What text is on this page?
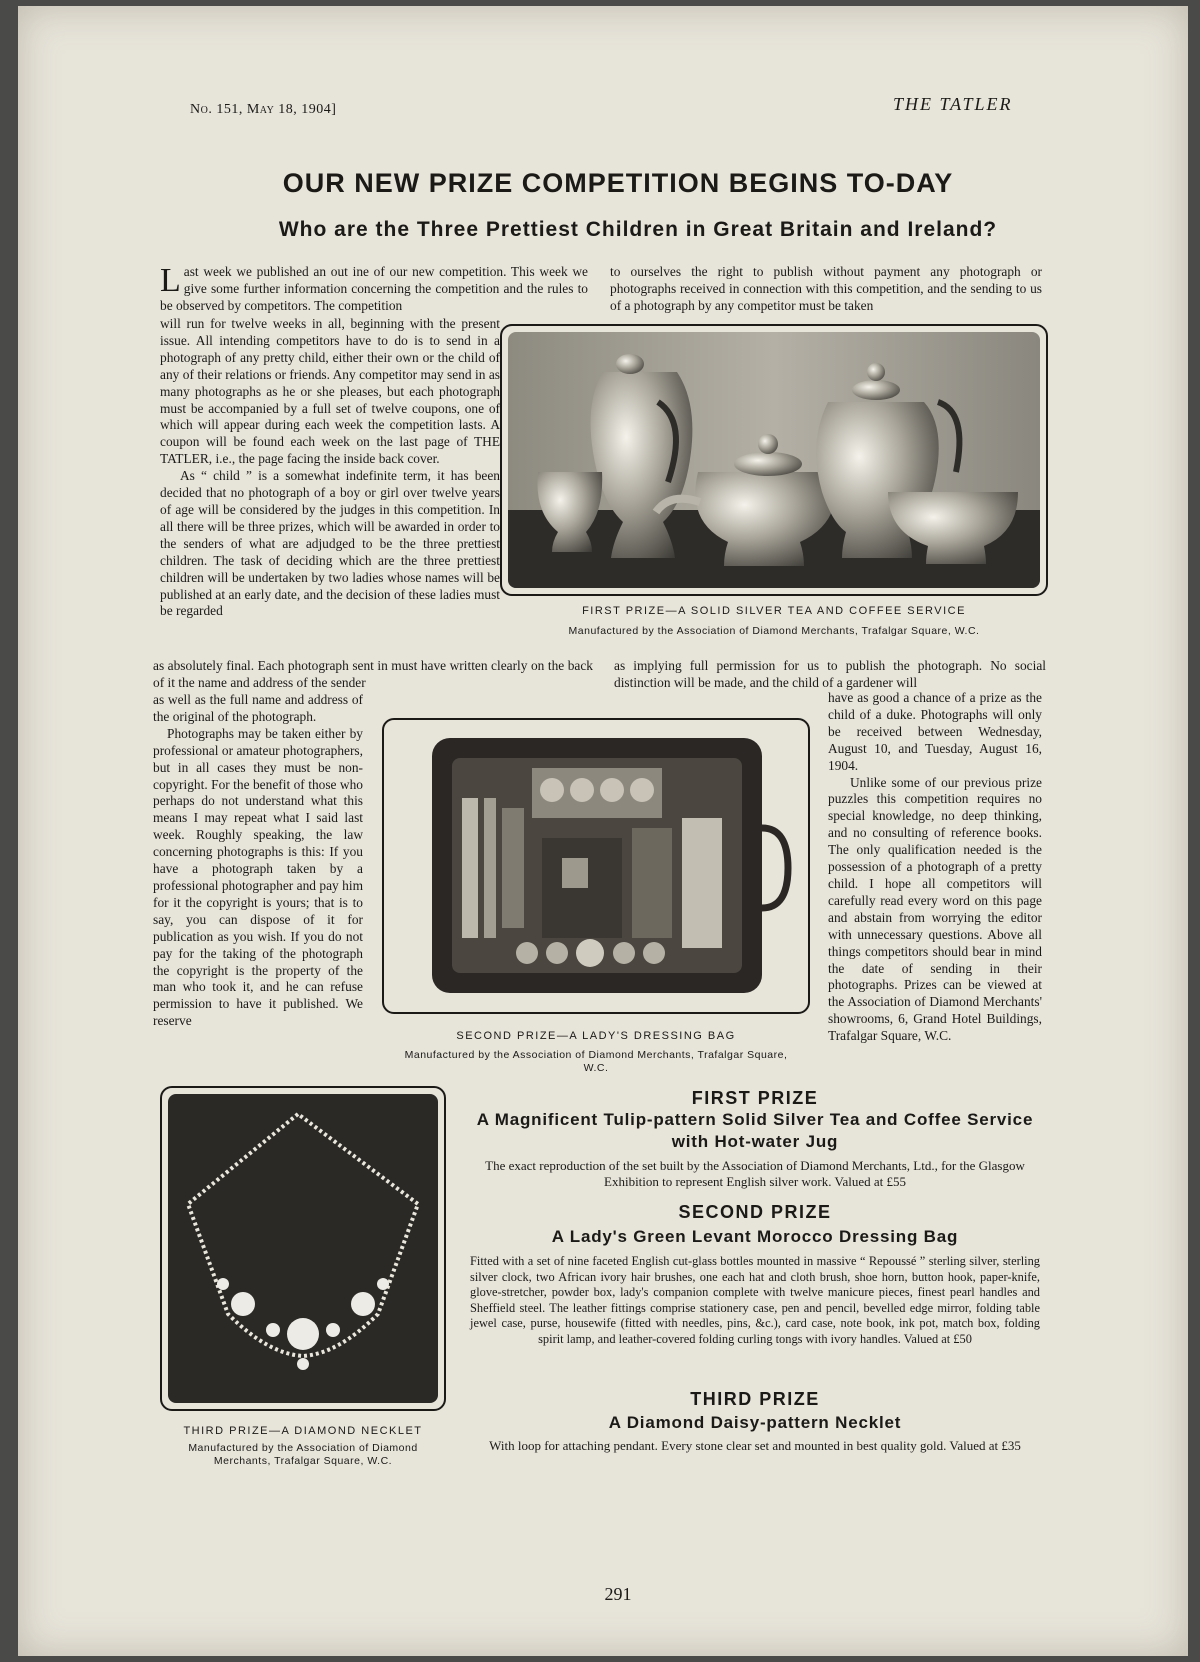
No. 151, May 18, 1904]	THE TATLER
OUR NEW PRIZE COMPETITION BEGINS TO-DAY
Who are the Three Prettiest Children in Great Britain and Ireland?
Last week we published an out ine of our new competition. This week we give some further information concerning the competition and the rules to be observed by competitors. The competition
will run for twelve weeks in all, beginning with the present issue. All intending competitors have to do is to send in a photograph of any pretty child, either their own or the child of any of their relations or friends. Any competitor may send in as many photographs as he or she pleases, but each photograph must be accompanied by a full set of twelve coupons, one of which will appear during each week the competition lasts. A coupon will be found each week on the last page of THE TATLER, i.e., the page facing the inside back cover.
As “ child ” is a somewhat indefinite term, it has been decided that no photograph of a boy or girl over twelve years of age will be considered by the judges in this competition. In all there will be three prizes, which will be awarded in order to the senders of what are adjudged to be the three prettiest children. The task of deciding which are the three prettiest children will be undertaken by two ladies whose names will be published at an early date, and the decision of these ladies must be regarded
to ourselves the right to publish without payment any photograph or photographs received in connection with this competition, and the sending to us of a photograph by any competitor must be taken
FIRST PRIZE—A SOLID SILVER TEA AND COFFEE SERVICE
Manufactured by the Association of Diamond Merchants, Trafalgar Square, W.C.
as absolutely final. Each photograph sent in must have written clearly on the back of it the name and address of the sender
as implying full permission for us to publish the photograph. No social distinction will be made, and the child of a gardener will
as well as the full name and address of the original of the photograph.
Photographs may be taken either by professional or amateur photographers, but in all cases they must be non-copyright. For the benefit of those who perhaps do not understand what this means I may repeat what I said last week. Roughly speaking, the law concerning photographs is this: If you have a photograph taken by a professional photographer and pay him for it the copyright is yours; that is to say, you can dispose of it for publication as you wish. If you do not pay for the taking of the photograph the copyright is the property of the man who took it, and he can refuse permission to have it published. We reserve
have as good a chance of a prize as the child of a duke. Photographs will only be received between Wednesday, August 10, and Tuesday, August 16, 1904.
Unlike some of our previous prize puzzles this competition requires no special knowledge, no deep thinking, and no consulting of reference books. The only qualification needed is the possession of a photograph of a pretty child. I hope all competitors will carefully read every word on this page and abstain from worrying the editor with unnecessary questions. Above all things competitors should bear in mind the date of sending in their photographs. Prizes can be viewed at the Association of Diamond Merchants' showrooms, 6, Grand Hotel Buildings, Trafalgar Square, W.C.
SECOND PRIZE—A LADY'S DRESSING BAG
Manufactured by the Association of Diamond Merchants, Trafalgar Square, W.C.
THIRD PRIZE—A DIAMOND NECKLET
Manufactured by the Association of Diamond Merchants, Trafalgar Square, W.C.
FIRST PRIZE
A Magnificent Tulip-pattern Solid Silver Tea and Coffee Service with Hot-water Jug
The exact reproduction of the set built by the Association of Diamond Merchants, Ltd., for the Glasgow Exhibition to represent English silver work. Valued at £55
SECOND PRIZE
A Lady's Green Levant Morocco Dressing Bag
Fitted with a set of nine faceted English cut-glass bottles mounted in massive “ Repoussé ” sterling silver, sterling silver clock, two African ivory hair brushes, one each hat and cloth brush, shoe horn, button hook, paper-knife, glove-stretcher, powder box, lady's companion complete with twelve manicure pieces, finest pearl handles and Sheffield steel. The leather fittings comprise stationery case, pen and pencil, bevelled edge mirror, folding table jewel case, purse, housewife (fitted with needles, pins, &c.), card case, note book, ink pot, match box, folding spirit lamp, and leather-covered folding curling tongs with ivory handles. Valued at £50
THIRD PRIZE
A Diamond Daisy-pattern Necklet
With loop for attaching pendant. Every stone clear set and mounted in best quality gold. Valued at £35
291
